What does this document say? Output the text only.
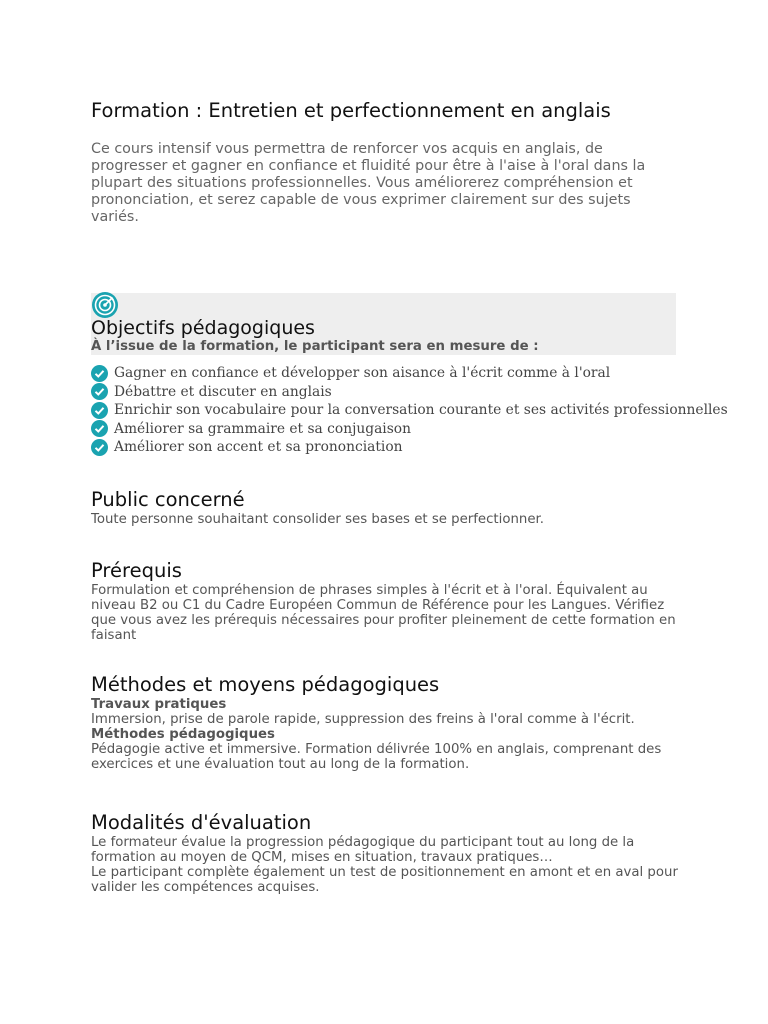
Formation : Entretien et perfectionnement en anglais

Ce cours intensif vous permettra de renforcer vos acquis en anglais, de progresser et gagner en confiance et fluidité pour être à l'aise à l'oral dans la plupart des situations professionnelles. Vous améliorerez compréhension et prononciation, et serez capable de vous exprimer clairement sur des sujets variés.

Objectifs pédagogiques
À l’issue de la formation, le participant sera en mesure de :
Gagner en confiance et développer son aisance à l'écrit comme à l'oral
Débattre et discuter en anglais
Enrichir son vocabulaire pour la conversation courante et ses activités professionnelles
Améliorer sa grammaire et sa conjugaison
Améliorer son accent et sa prononciation
Public concerné

Toute personne souhaitant consolider ses bases et se perfectionner.

Prérequis

Formulation et compréhension de phrases simples à l'écrit et à l'oral. Équivalent au niveau B2 ou C1 du Cadre Européen Commun de Référence pour les Langues. Vérifiez que vous avez les prérequis nécessaires pour profiter pleinement de cette formation en faisant

Méthodes et moyens pédagogiques
Travaux pratiques

Immersion, prise de parole rapide, suppression des freins à l'oral comme à l'écrit.

Méthodes pédagogiques

Pédagogie active et immersive. Formation délivrée 100% en anglais, comprenant des exercices et une évaluation tout au long de la formation.

Modalités d'évaluation

Le formateur évalue la progression pédagogique du participant tout au long de la formation au moyen de QCM, mises en situation, travaux pratiques…

Le participant complète également un test de positionnement en amont et en aval pour valider les compétences acquises.
